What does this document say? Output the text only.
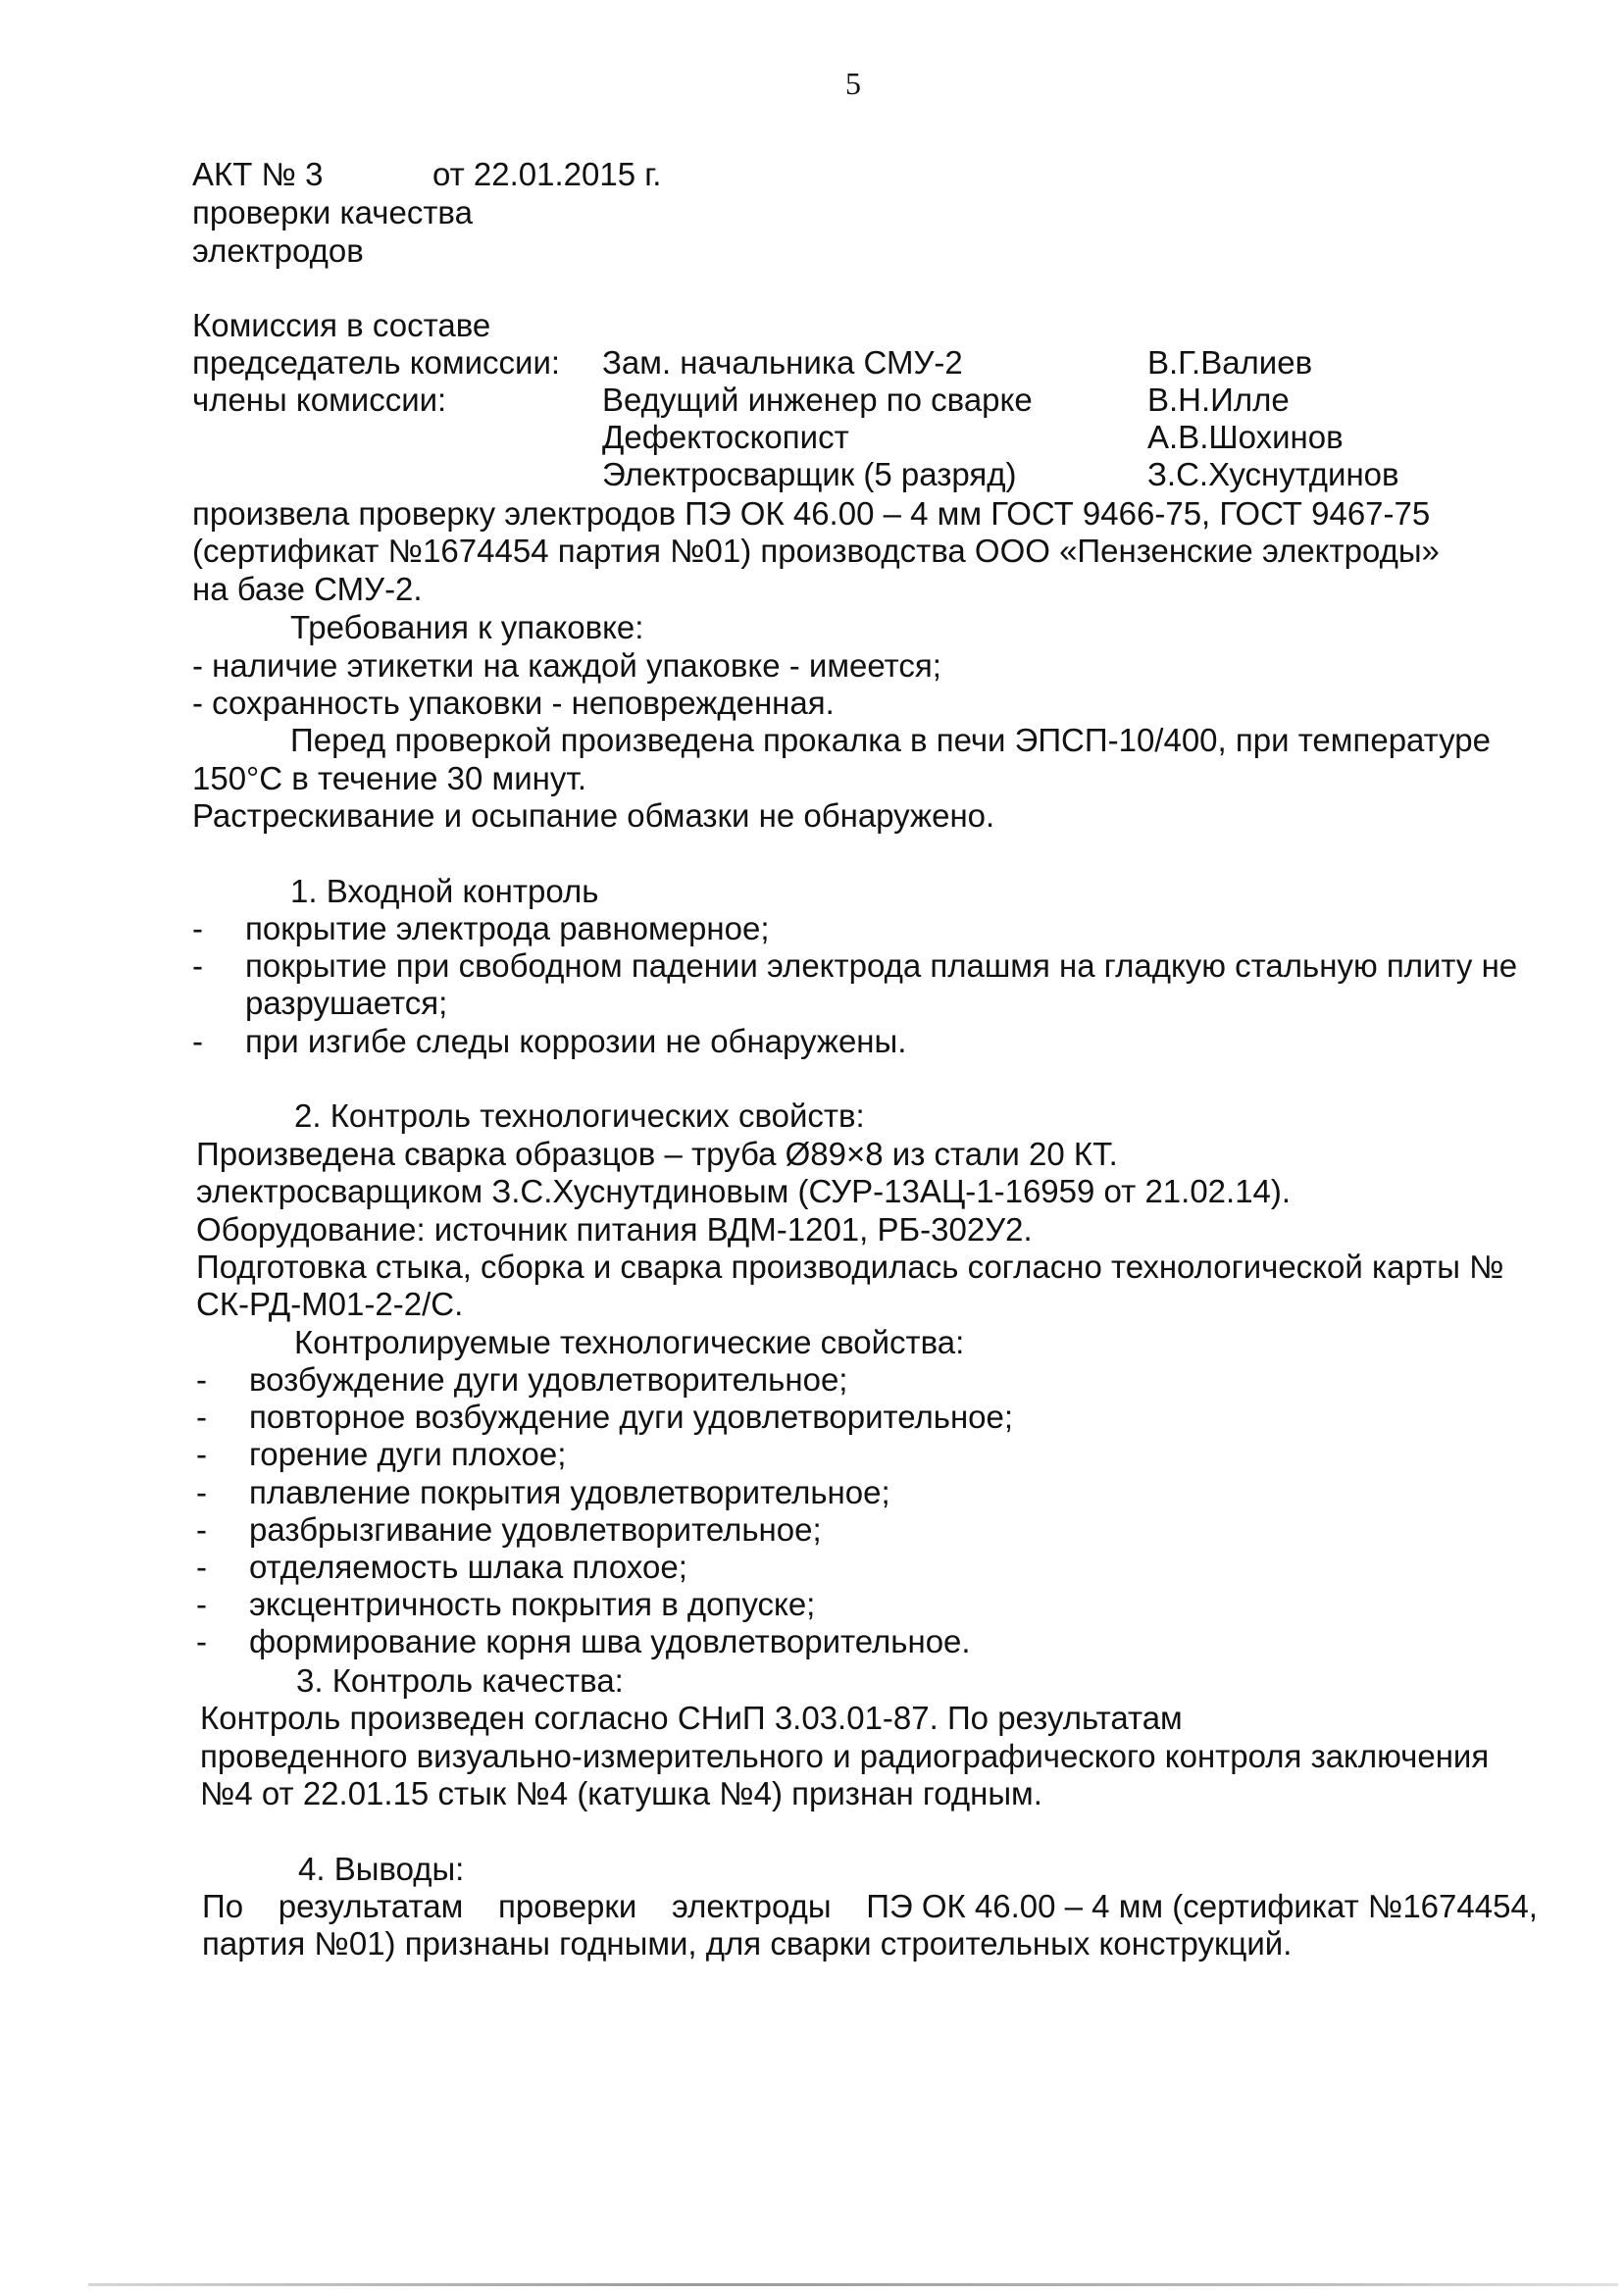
5
АКТ № 3	от 22.01.2015 г.
проверки качества
электродов
Комиссия в составе
председатель комиссии:
члены комиссии:
Зам. начальника СМУ-2
Ведущий инженер по сварке
Дефектоскопист
Электросварщик (5 разряд)
В.Г.Валиев
В.Н.Илле
А.В.Шохинов
З.С.Хуснутдинов
произвела проверку электродов ПЭ ОК 46.00 – 4 мм ГОСТ 9466-75, ГОСТ 9467-75
(сертификат №1674454 партия №01) производства ООО «Пензенские электроды»
на базе СМУ-2.
Требования к упаковке:
- наличие этикетки на каждой упаковке - имеется;
- сохранность упаковки - неповрежденная.
Перед проверкой произведена прокалка в печи ЭПСП-10/400, при температуре
150°С в течение 30 минут.
Растрескивание и осыпание обмазки не обнаружено.
1. Входной контроль
- покрытие электрода равномерное;
- покрытие при свободном падении электрода плашмя на гладкую стальную плиту не
разрушается;
- при изгибе следы коррозии не обнаружены.
2. Контроль технологических свойств:
Произведена сварка образцов – труба Ø89×8 из стали 20 КТ.
электросварщиком З.С.Хуснутдиновым (СУР-13АЦ-1-16959 от 21.02.14).
Оборудование: источник питания ВДМ-1201, РБ-302У2.
Подготовка стыка, сборка и сварка производилась согласно технологической карты №
СК-РД-М01-2-2/С.
Контролируемые технологические свойства:
- возбуждение дуги удовлетворительное;
- повторное возбуждение дуги удовлетворительное;
- горение дуги плохое;
- плавление покрытия удовлетворительное;
- разбрызгивание удовлетворительное;
- отделяемость шлака плохое;
- эксцентричность покрытия в допуске;
- формирование корня шва удовлетворительное.
3. Контроль качества:
Контроль произведен согласно СНиП 3.03.01-87. По результатам
проведенного визуально-измерительного и радиографического контроля заключения
№4 от 22.01.15 стык №4 (катушка №4) признан годным.
4. Выводы:
По результатам проверки электроды ПЭ ОК 46.00 – 4 мм (сертификат №1674454,
партия №01) признаны годными, для сварки строительных конструкций.
